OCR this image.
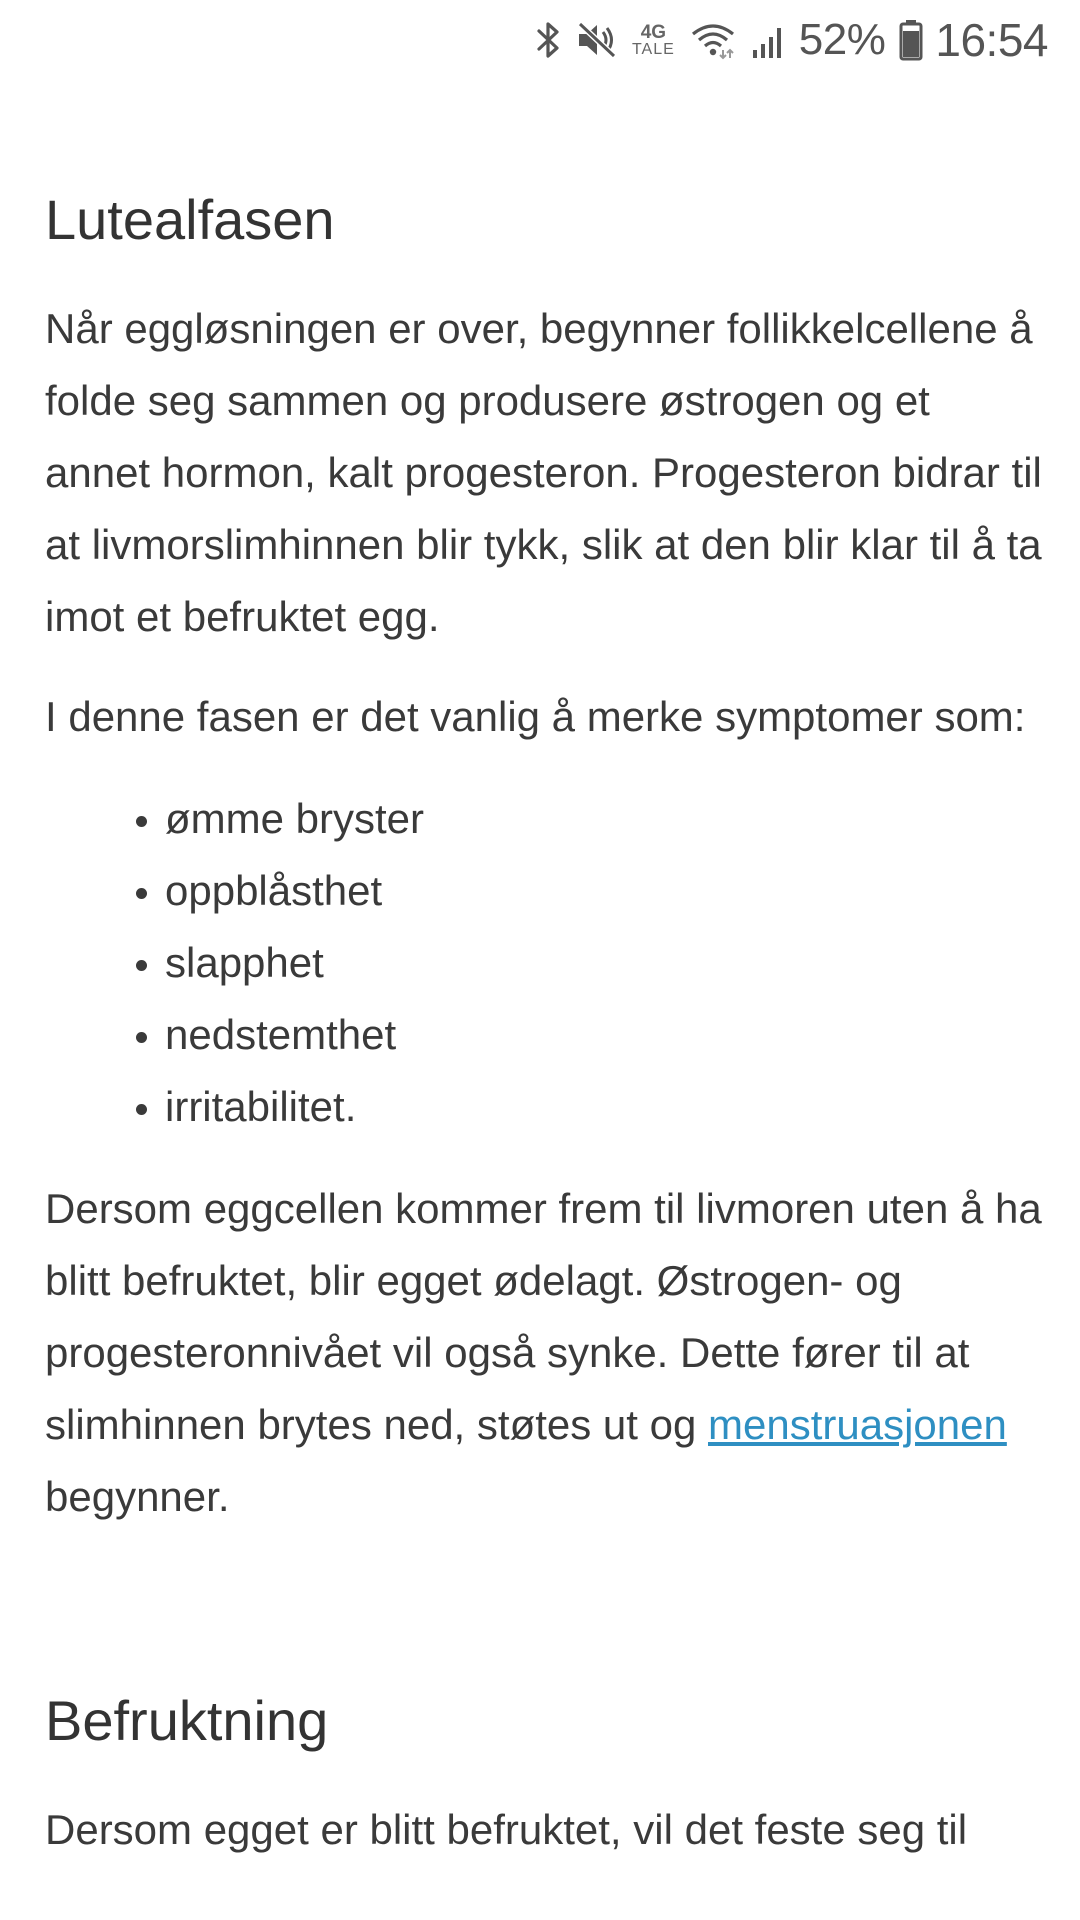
4G
TALE	52% 16:54
Lutealfasen

Når eggløsningen er over, begynner follikkelcellene å folde seg sammen og produsere østrogen og et annet hormon, kalt progesteron. Progesteron bidrar til at livmorslimhinnen blir tykk, slik at den blir klar til å ta imot et befruktet egg.

I denne fasen er det vanlig å merke symptomer som:

• ømme bryster
• oppblåsthet
• slapphet
• nedstemthet
• irritabilitet.

Dersom eggcellen kommer frem til livmoren uten å ha blitt befruktet, blir egget ødelagt. Østrogen- og progesteronnivået vil også synke. Dette fører til at slimhinnen brytes ned, støtes ut og menstruasjonen begynner.

Befruktning

Dersom egget er blitt befruktet, vil det feste seg til
